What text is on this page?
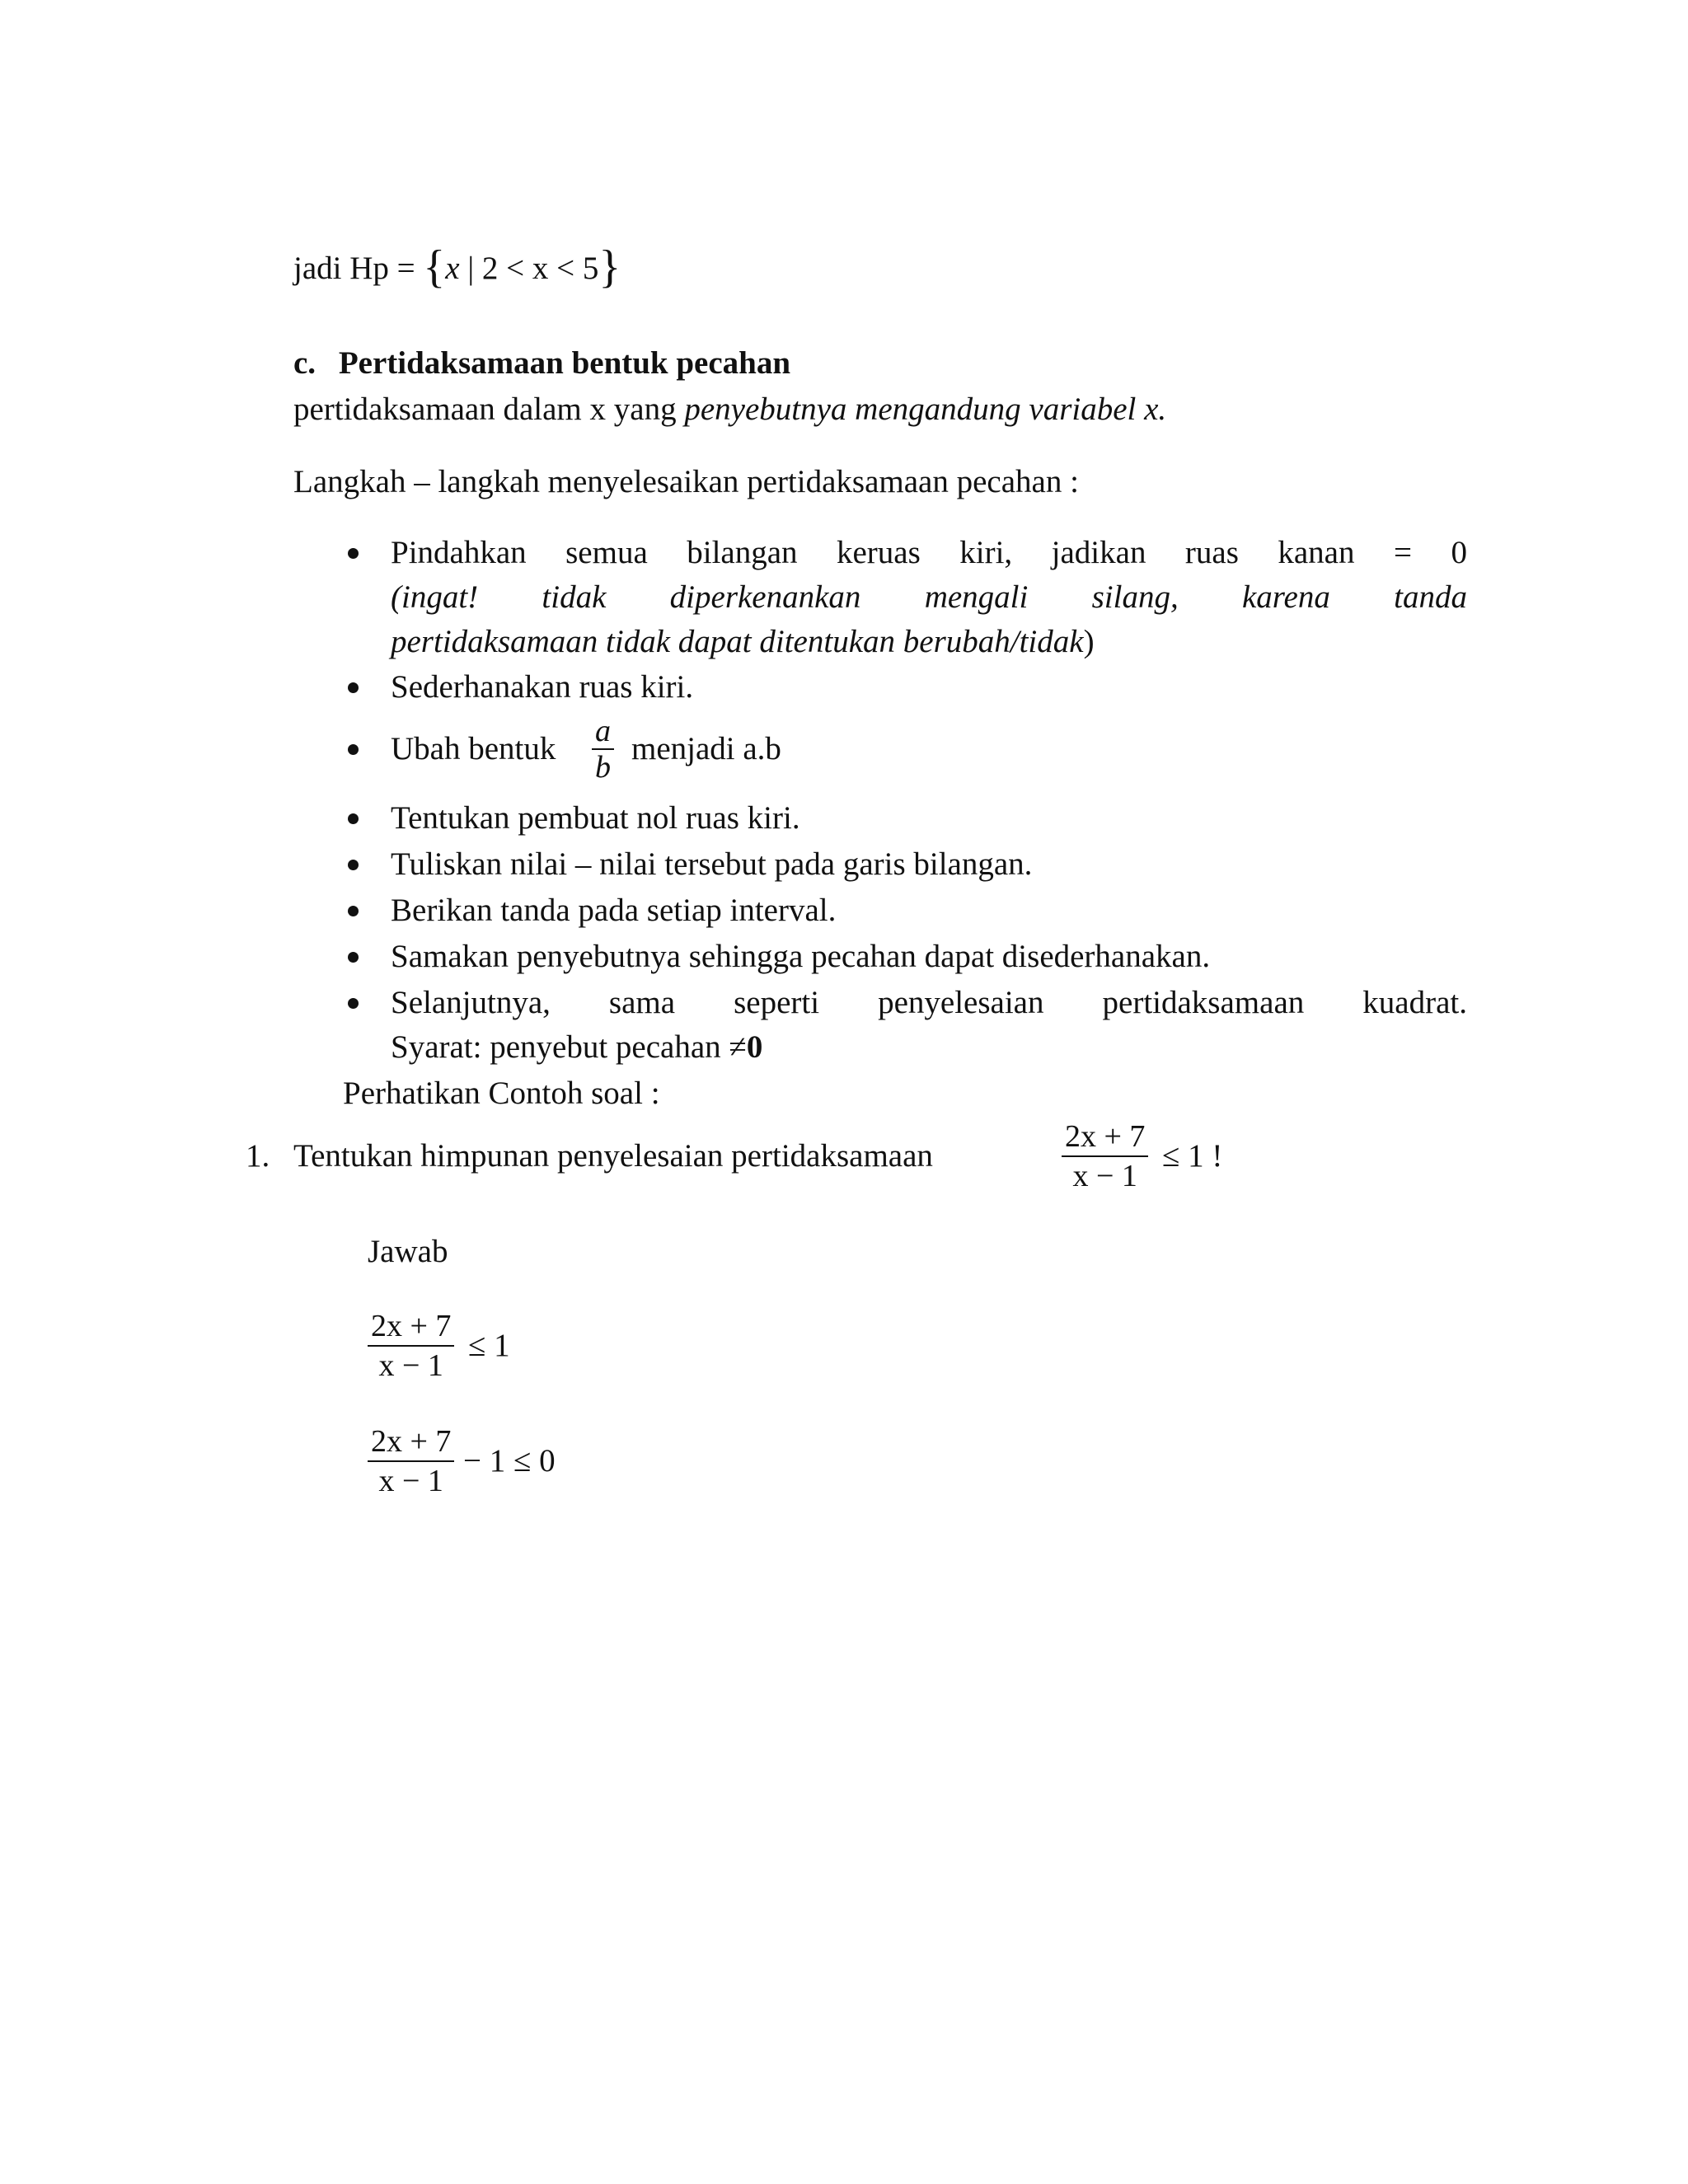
jadi Hp = {x | 2 < x < 5}
c. Pertidaksamaan bentuk pecahan
pertidaksamaan dalam x yang penyebutnya mengandung variabel x.
Langkah – langkah menyelesaikan pertidaksamaan pecahan :
Pindahkan semua bilangan keruas kiri, jadikan ruas kanan = 0
(ingat! tidak diperkenankan mengali silang, karena tanda
pertidaksamaan tidak dapat ditentukan berubah/tidak)
Sederhanakan ruas kiri.
Ubah bentuk a
b
menjadi a.b
Tentukan pembuat nol ruas kiri.
Tuliskan nilai – nilai tersebut pada garis bilangan.
Berikan tanda pada setiap interval.
Samakan penyebutnya sehingga pecahan dapat disederhanakan.
Selanjutnya, sama seperti penyelesaian pertidaksamaan kuadrat.
Syarat: penyebut pecahan ≠0
Perhatikan Contoh soal :
1. Tentukan himpunan penyelesaian pertidaksamaan
2x + 7
x − 1
≤ 1 !
Jawab
2x + 7
x − 1
≤ 1
2x + 7
x − 1
− 1 ≤ 0
